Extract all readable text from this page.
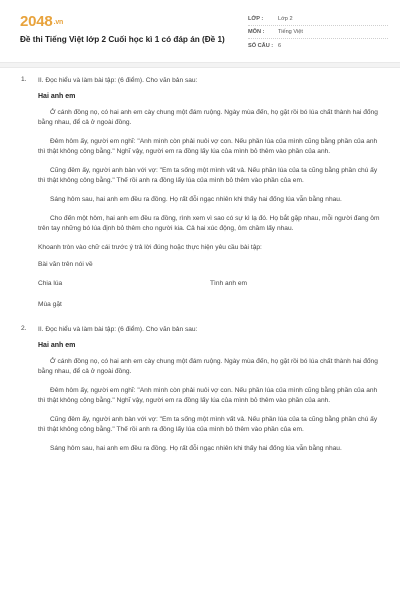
2048.vn
Đề thi Tiếng Việt lớp 2 Cuối học kì 1 có đáp án (Đề 1)
LỚP :	Lớp 2
MÔN :	Tiếng Việt
SỐ CÂU : 6
1. II. Đọc hiểu và làm bài tập: (6 điểm). Cho văn bản sau:
Hai anh em

Ở cánh đồng nọ, có hai anh em cày chung một đám ruộng. Ngày mùa đến, họ gặt rồi bó lúa chất thành hai đống bằng nhau, để cả ở ngoài đồng.

Đêm hôm ấy, người em nghĩ: "Anh mình còn phải nuôi vợ con. Nếu phần lúa của mình cũng bằng phần của anh thì thật không công bằng." Nghĩ vậy, người em ra đồng lấy lúa của mình bỏ thêm vào phần của anh.

Cũng đêm ấy, người anh bàn với vợ: "Em ta sống một mình vất vả. Nếu phần lúa của ta cũng bằng phần chú ấy thì thật không công bằng." Thế rồi anh ra đồng lấy lúa của mình bỏ thêm vào phần của em.

Sáng hôm sau, hai anh em đều ra đồng. Họ rất đỗi ngạc nhiên khi thấy hai đống lúa vẫn bằng nhau.

Cho đến một hôm, hai anh em đều ra đồng, rình xem vì sao có sự kì lạ đó. Họ bắt gặp nhau, mỗi người đang ôm trên tay những bó lúa định bỏ thêm cho người kia. Cả hai xúc động, ôm chầm lấy nhau.

Khoanh tròn vào chữ cái trước ý trả lời đúng hoặc thực hiện yêu cầu bài tập:
Bài văn trên nói về
Chia lúa	Tình anh em
Mùa gặt
2. II. Đọc hiểu và làm bài tập: (6 điểm). Cho văn bản sau:
Hai anh em

Ở cánh đồng nọ, có hai anh em cày chung một đám ruộng. Ngày mùa đến, họ gặt rồi bó lúa chất thành hai đống bằng nhau, để cả ở ngoài đồng.

Đêm hôm ấy, người em nghĩ: "Anh mình còn phải nuôi vợ con. Nếu phần lúa của mình cũng bằng phần của anh thì thật không công bằng." Nghĩ vậy, người em ra đồng lấy lúa của mình bỏ thêm vào phần của anh.

Cũng đêm ấy, người anh bàn với vợ: "Em ta sống một mình vất vả. Nếu phần lúa của ta cũng bằng phần chú ấy thì thật không công bằng." Thế rồi anh ra đồng lấy lúa của mình bỏ thêm vào phần của em.

Sáng hôm sau, hai anh em đều ra đồng. Họ rất đỗi ngạc nhiên khi thấy hai đống lúa vẫn bằng nhau.
